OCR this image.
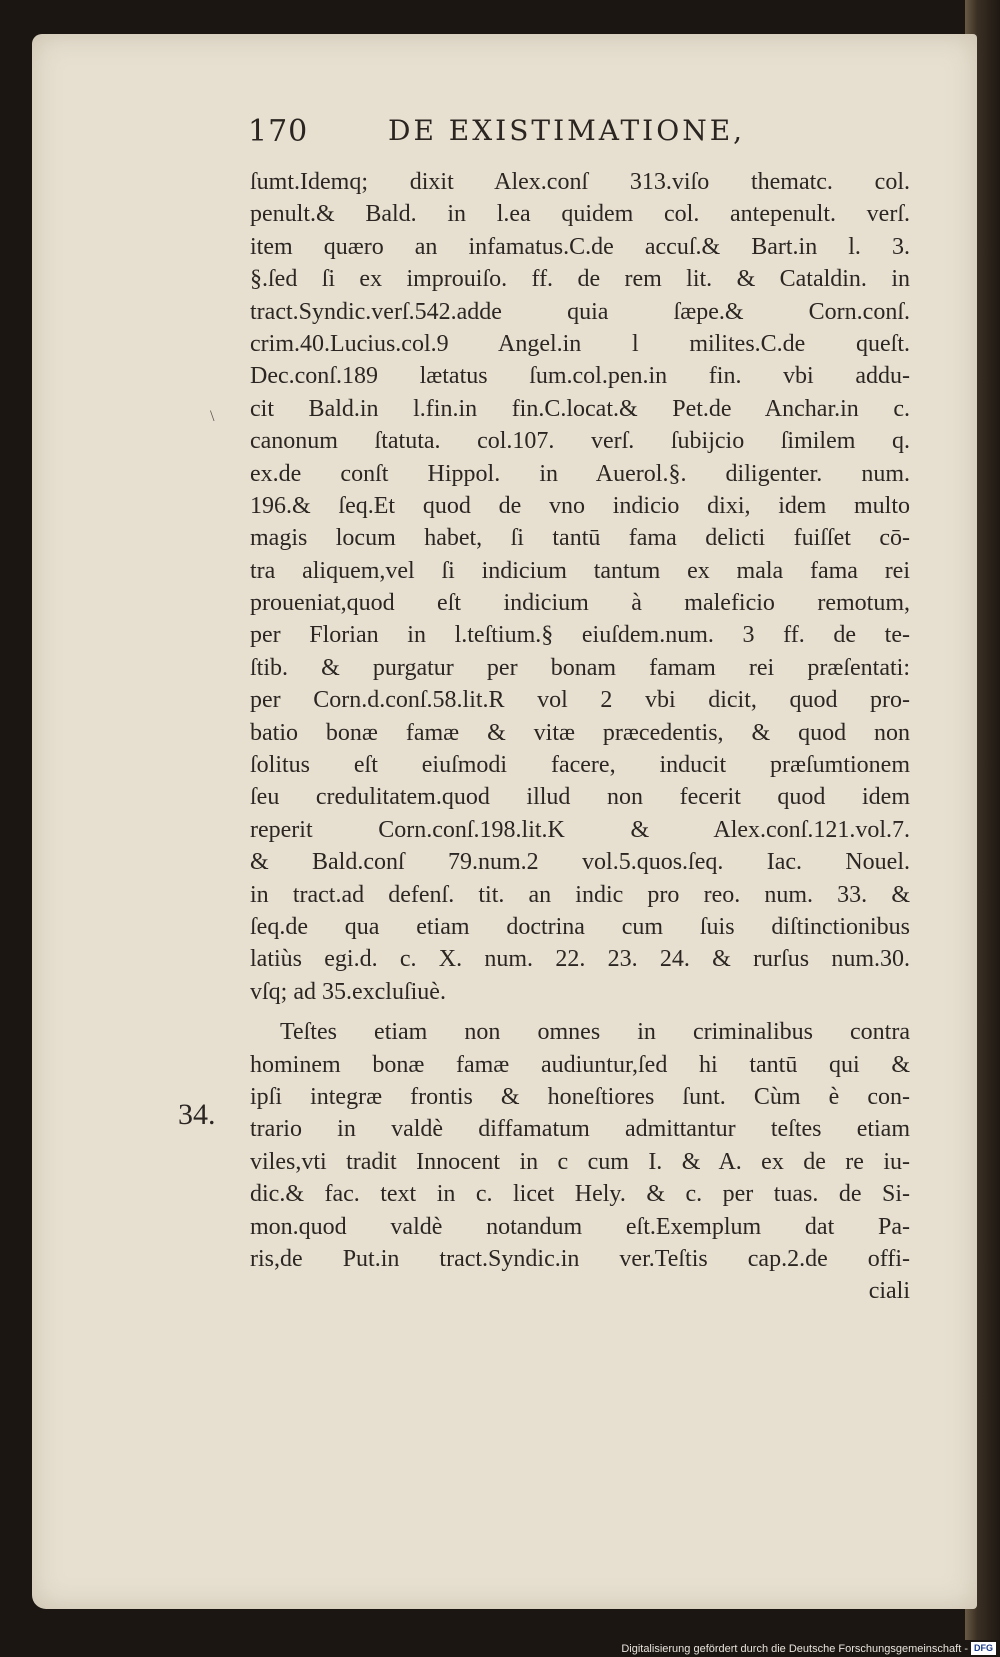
170	DE EXISTIMATIONE,
\
34.
ſumt.Idemq; dixit Alex.conſ 313.viſo thematc. col.
penult.& Bald. in l.ea quidem col. antepenult. verſ.
item quæro an infamatus.C.de accuſ.& Bart.in l. 3.
§.ſed ſi ex improuiſo. ff. de rem lit. & Cataldin. in
tract.Syndic.verſ.542.adde quia ſæpe.& Corn.conſ.
crim.40.Lucius.col.9 Angel.in l milites.C.de queſt.
Dec.conſ.189 lætatus ſum.col.pen.in fin. vbi addu-
cit Bald.in l.fin.in fin.C.locat.& Pet.de Anchar.in c.
canonum ſtatuta. col.107. verſ. ſubijcio ſimilem q.
ex.de conſt Hippol. in Auerol.§. diligenter. num.
196.& ſeq.Et quod de vno indicio dixi, idem multo
magis locum habet, ſi tantū fama delicti fuiſſet cō-
tra aliquem,vel ſi indicium tantum ex mala fama rei
proueniat,quod eſt indicium à maleficio remotum,
per Florian in l.teſtium.§ eiuſdem.num. 3 ff. de te-
ſtib. & purgatur per bonam famam rei præſentati:
per Corn.d.conſ.58.lit.R vol 2 vbi dicit, quod pro-
batio bonæ famæ & vitæ præcedentis, & quod non
ſolitus eſt eiuſmodi facere, inducit præſumtionem
ſeu credulitatem.quod illud non fecerit quod idem
reperit Corn.conſ.198.lit.K & Alex.conſ.121.vol.7.
& Bald.conſ 79.num.2 vol.5.quos.ſeq. Iac. Nouel.
in tract.ad defenſ. tit. an indic pro reo. num. 33. &
ſeq.de qua etiam doctrina cum ſuis diſtinctionibus
latiùs egi.d. c. X. num. 22. 23. 24. & rurſus num.30.
vſq; ad 35.excluſiuè.
Teſtes etiam non omnes in criminalibus contra
hominem bonæ famæ audiuntur,ſed hi tantū qui &
ipſi integræ frontis & honeſtiores ſunt. Cùm è con-
trario in valdè diffamatum admittantur teſtes etiam
viles,vti tradit Innocent in c cum I. & A. ex de re iu-
dic.& fac. text in c. licet Hely. & c. per tuas. de Si-
mon.quod valdè notandum eſt.Exemplum dat Pa-
ris,de Put.in tract.Syndic.in ver.Teſtis cap.2.de offi-
ciali
Digitalisierung gefördert durch die Deutsche Forschungsgemeinschaft - DFG
